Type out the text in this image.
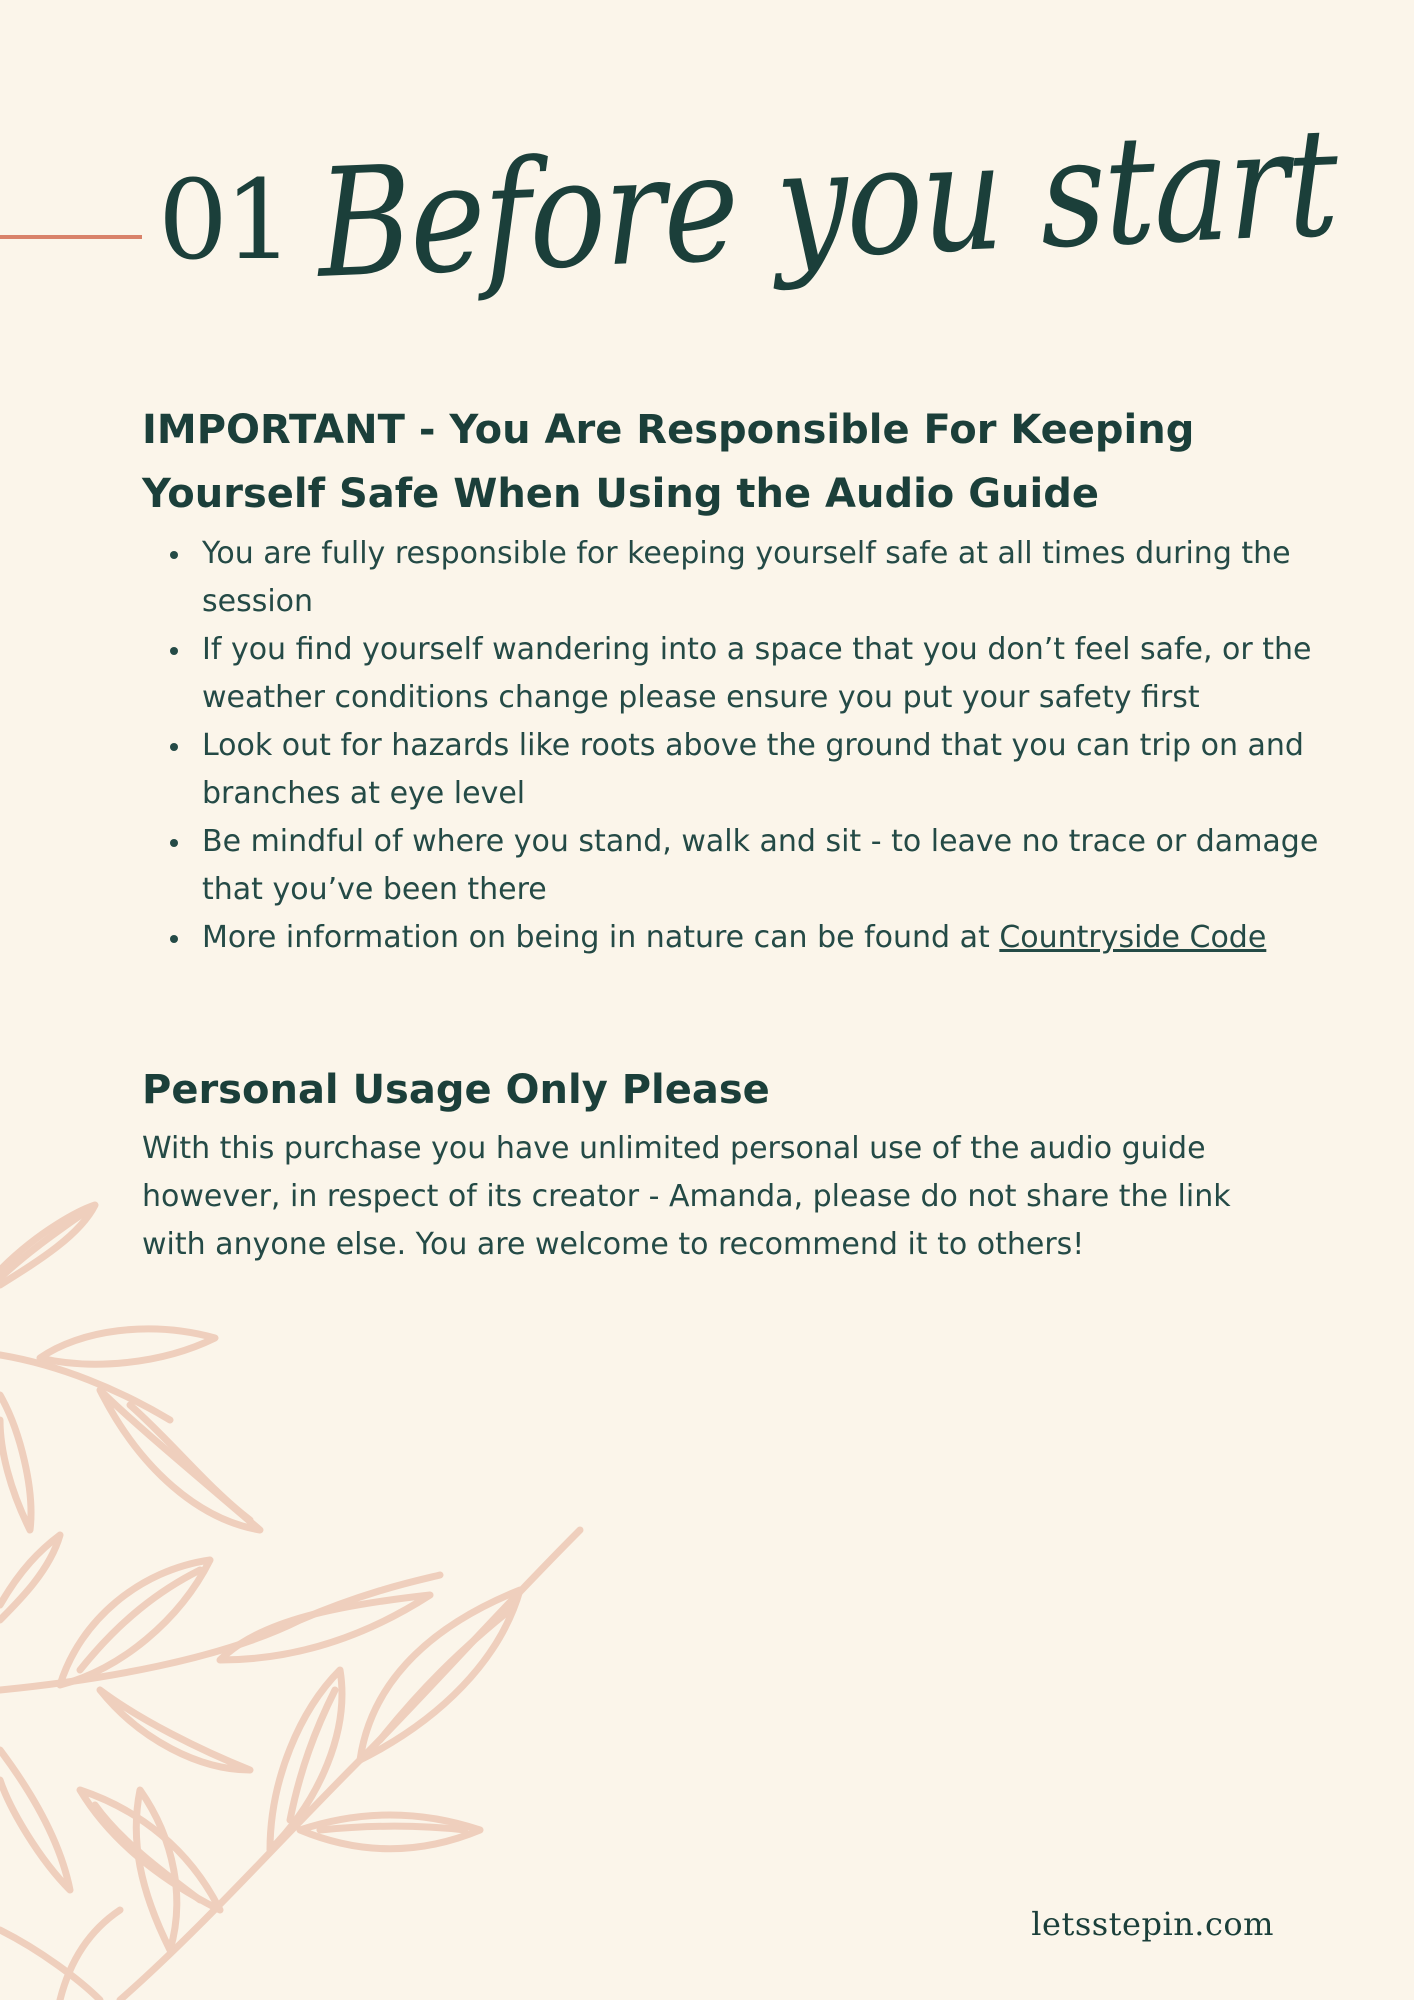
01 Before you start
IMPORTANT - You Are Responsible For Keeping Yourself Safe When Using the Audio Guide
You are fully responsible for keeping yourself safe at all times during the session
If you find yourself wandering into a space that you don’t feel safe, or the weather conditions change please ensure you put your safety first
Look out for hazards like roots above the ground that you can trip on and branches at eye level
Be mindful of where you stand, walk and sit - to leave no trace or damage that you’ve been there
More information on being in nature can be found at Countryside Code
Personal Usage Only Please

With this purchase you have unlimited personal use of the audio guide however, in respect of its creator - Amanda, please do not share the link with anyone else. You are welcome to recommend it to others!

letsstepin.com
